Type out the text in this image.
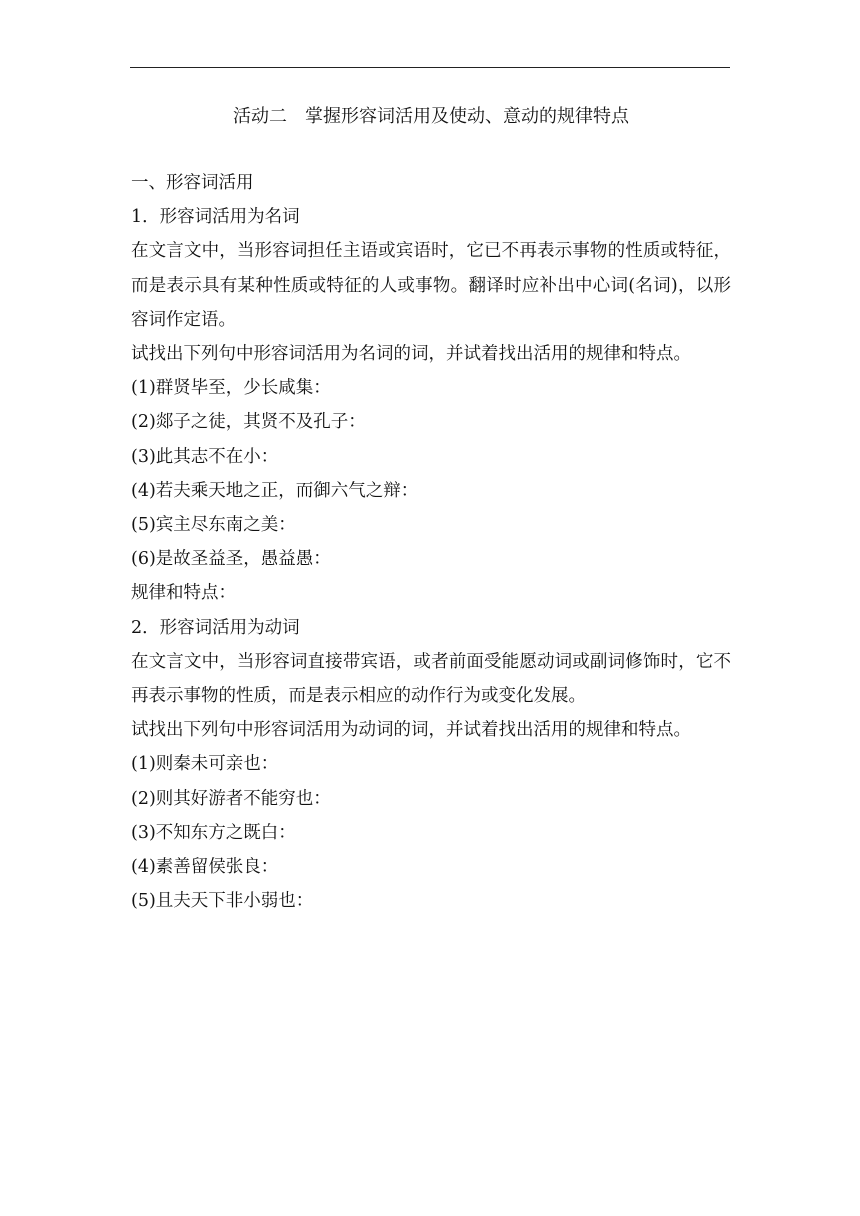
活动二　掌握形容词活用及使动、意动的规律特点

一、形容词活用

1．形容词活用为名词

在文言文中，当形容词担任主语或宾语时，它已不再表示事物的性质或特征，而是表示具有某种性质或特征的人或事物。翻译时应补出中心词(名词)，以形容词作定语。

试找出下列句中形容词活用为名词的词，并试着找出活用的规律和特点。

(1)群贤毕至，少长咸集：

(2)郯子之徒，其贤不及孔子：

(3)此其志不在小：

(4)若夫乘天地之正，而御六气之辩：

(5)宾主尽东南之美：

(6)是故圣益圣，愚益愚：

规律和特点：

2．形容词活用为动词

在文言文中，当形容词直接带宾语，或者前面受能愿动词或副词修饰时，它不再表示事物的性质，而是表示相应的动作行为或变化发展。

试找出下列句中形容词活用为动词的词，并试着找出活用的规律和特点。

(1)则秦未可亲也：

(2)则其好游者不能穷也：

(3)不知东方之既白：

(4)素善留侯张良：

(5)且夫天下非小弱也：
